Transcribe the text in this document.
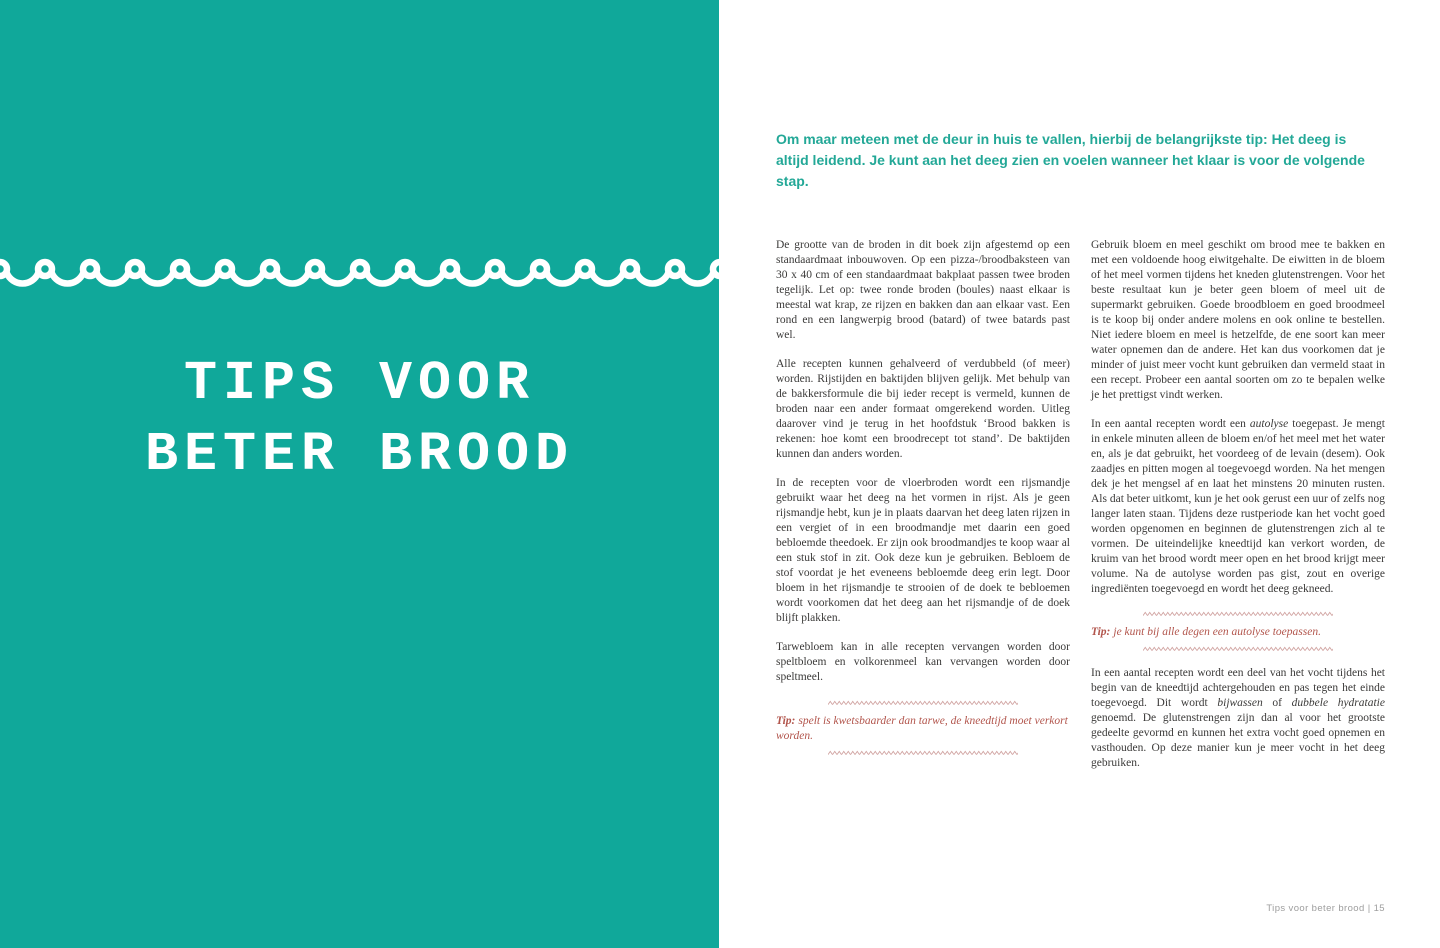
TIPS VOOR
BETER BROOD

Om maar meteen met de deur in huis te vallen, hierbij de belangrijkste tip: Het deeg is altijd leidend. Je kunt aan het deeg zien en voelen wanneer het klaar is voor de volgende stap.

De grootte van de broden in dit boek zijn afgestemd op een standaardmaat inbouwoven. Op een pizza-/broodbaksteen van 30 x 40 cm of een standaardmaat bakplaat passen twee broden tegelijk. Let op: twee ronde broden (boules) naast elkaar is meestal wat krap, ze rijzen en bakken dan aan elkaar vast. Een rond en een langwerpig brood (batard) of twee batards past wel.

Alle recepten kunnen gehalveerd of verdubbeld (of meer) worden. Rijstijden en baktijden blijven gelijk. Met behulp van de bakkersformule die bij ieder recept is vermeld, kunnen de broden naar een ander formaat omgerekend worden. Uitleg daarover vind je terug in het hoofdstuk ‘Brood bakken is rekenen: hoe komt een broodrecept tot stand’. De baktijden kunnen dan anders worden.

In de recepten voor de vloerbroden wordt een rijsmandje gebruikt waar het deeg na het vormen in rijst. Als je geen rijsmandje hebt, kun je in plaats daarvan het deeg laten rijzen in een vergiet of in een broodmandje met daarin een goed bebloemde theedoek. Er zijn ook broodmandjes te koop waar al een stuk stof in zit. Ook deze kun je gebruiken. Bebloem de stof voordat je het eveneens bebloemde deeg erin legt. Door bloem in het rijsmandje te strooien of de doek te bebloemen wordt voorkomen dat het deeg aan het rijsmandje of de doek blijft plakken.

Tarwebloem kan in alle recepten vervangen worden door speltbloem en volkorenmeel kan vervangen worden door speltmeel.

Tip: spelt is kwetsbaarder dan tarwe, de kneedtijd moet verkort worden.

Gebruik bloem en meel geschikt om brood mee te bakken en met een voldoende hoog eiwitgehalte. De eiwitten in de bloem of het meel vormen tijdens het kneden glutenstrengen. Voor het beste resultaat kun je beter geen bloem of meel uit de supermarkt gebruiken. Goede broodbloem en goed broodmeel is te koop bij onder andere molens en ook online te bestellen. Niet iedere bloem en meel is hetzelfde, de ene soort kan meer water opnemen dan de andere. Het kan dus voorkomen dat je minder of juist meer vocht kunt gebruiken dan vermeld staat in een recept. Probeer een aantal soorten om zo te bepalen welke je het prettigst vindt werken.

In een aantal recepten wordt een autolyse toegepast. Je mengt in enkele minuten alleen de bloem en/of het meel met het water en, als je dat gebruikt, het voordeeg of de levain (desem). Ook zaadjes en pitten mogen al toegevoegd worden. Na het mengen dek je het mengsel af en laat het minstens 20 minuten rusten. Als dat beter uitkomt, kun je het ook gerust een uur of zelfs nog langer laten staan. Tijdens deze rustperiode kan het vocht goed worden opgenomen en beginnen de glutenstrengen zich al te vormen. De uiteindelijke kneedtijd kan verkort worden, de kruim van het brood wordt meer open en het brood krijgt meer volume. Na de autolyse worden pas gist, zout en overige ingrediënten toegevoegd en wordt het deeg gekneed.

Tip: je kunt bij alle degen een autolyse toepassen.

In een aantal recepten wordt een deel van het vocht tijdens het begin van de kneedtijd achtergehouden en pas tegen het einde toegevoegd. Dit wordt bijwassen of dubbele hydratatie genoemd. De glutenstrengen zijn dan al voor het grootste gedeelte gevormd en kunnen het extra vocht goed opnemen en vasthouden. Op deze manier kun je meer vocht in het deeg gebruiken.

Tips voor beter brood | 15
